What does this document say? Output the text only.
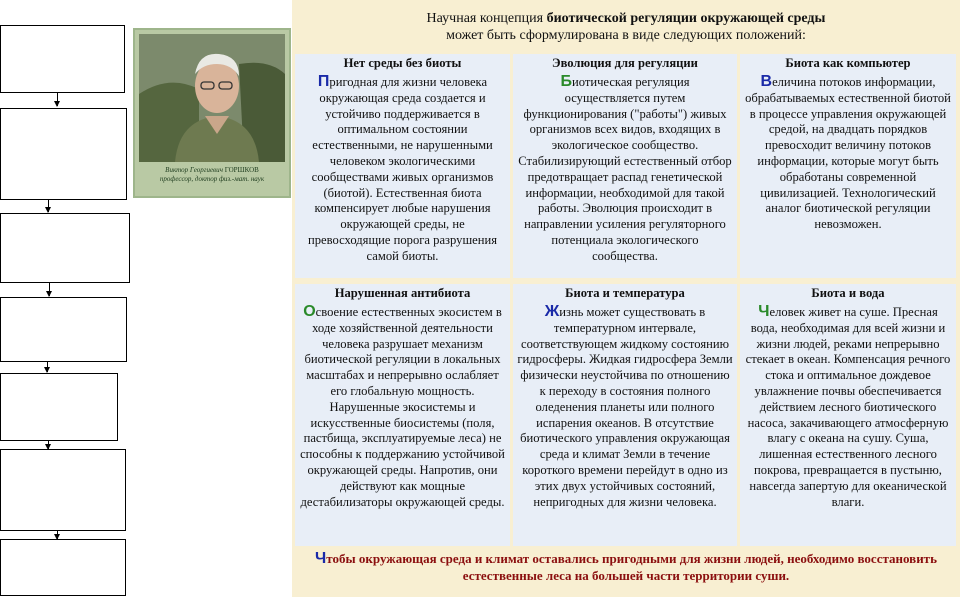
Виктор Георгиевич ГОРШКОВ
профессор, доктор физ.-мат. наук
Научная концепция биотической регуляции окружающей среды
может быть сформулирована в виде следующих положений:
Нет среды без биоты

Пригодная для жизни человека окружающая среда создается и устойчиво поддерживается в оптимальном состоянии естественными, не нарушенными человеком экологическими сообществами живых организмов (биотой). Естественная биота компенсирует любые нарушения окружающей среды, не превосходящие порога разрушения самой биоты.

Эволюция для регуляции

Биотическая регуляция осуществляется путем функционирования ("работы") живых организмов всех видов, входящих в экологическое сообщество. Стабилизирующий естественный отбор предотвращает распад генетической информации, необходимой для такой работы. Эволюция происходит в направлении усиления регуляторного потенциала экологического сообщества.

Биота как компьютер

Величина потоков информации, обрабатываемых естественной биотой в процессе управления окружающей средой, на двадцать порядков превосходит величину потоков информации, которые могут быть обработаны современной цивилизацией. Технологический аналог биотической регуляции невозможен.

Нарушенная антибиота

Освоение естественных экосистем в ходе хозяйственной деятельности человека разрушает механизм биотической регуляции в локальных масштабах и непрерывно ослабляет его глобальную мощность. Нарушенные экосистемы и искусственные биосистемы (поля, пастбища, эксплуатируемые леса) не способны к поддержанию устойчивой окружающей среды. Напротив, они действуют как мощные дестабилизаторы окружающей среды.

Биота и температура

Жизнь может существовать в температурном интервале, соответствующем жидкому состоянию гидросферы. Жидкая гидросфера Земли физически неустойчива по отношению к переходу в состояния полного оледенения планеты или полного испарения океанов. В отсутствие биотического управления окружающая среда и климат Земли в течение короткого времени перейдут в одно из этих двух устойчивых состояний, непригодных для жизни человека.

Биота и вода

Человек живет на суше. Пресная вода, необходимая для всей жизни и жизни людей, реками непрерывно стекает в океан. Компенсация речного стока и оптимальное дождевое увлажнение почвы обеспечивается действием лесного биотического насоса, закачивающего атмосферную влагу с океана на сушу. Суша, лишенная естественного лесного покрова, превращается в пустыню, навсегда запертую для океанической влаги.

Чтобы окружающая среда и климат оставались пригодными для жизни людей, необходимо восстановить естественные леса на большей части территории суши.
